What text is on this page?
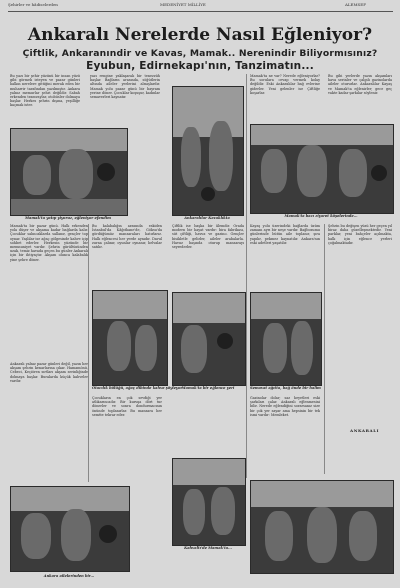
Şehirler ve hâdiselerden	MEDENİYET MİLLİYE	ALEMSEF
Ankaralı Nerelerde Nasıl Eğleniyor?
Çiftlik, Ankaranındir ve Kavas, Mamak.. Nerenindir Biliyormısınız?
Eyubun, Edirnekapı'nın, Tanzimatın...
Bu yazı bir şehir yüzünü bir insan yüzü gibi görmek isteyen ve pazar günleri halkın nerelere gittiğini merak eden bir muharrir tarafından yazılmıştır. Ankara yalnız memurlar şehri değildir. Sabah erkenden tramvaylar, otobüsler dolmaya başlar. Herkes şehrin dışına, yeşilliğe kaçmak ister.
yazı rengine yaklaşarak bir tenezzüh başlar. Bağların arasında, söğütlerin altında aileler yerlerini almışlardır. Mamak yolu pazar günü bir bayram yerine döner. Çocuklar koşuşur, kadınlar semaverleri kaynatır.
Mamak'ta ne var? Nerede eğleniyorlar? Bu sorulara cevap vermek kolay değildir. Eski Ankaralılar bağ evlerine giderler. Yeni gelenler ise Çiftliğe koşarlar.
Bu gibi yerlerde yazın akşamları hava serinler ve çalgılı gazinolarda aileler otururlar. Ankaralılar Kayaş ve Mamak'ta eğlenirler; gece geç vakte kadar şarkılar söylenir.
Mamak'ta yatıp yiyoruz, eğleniyor efendim	Ankaralılar Kavaklıkta	Mamak'ta bazı ziyaret köşelerinde...
Mamak'ta bir pazar günü. Halk erkenden yola düşer ve akşama kadar bağlarda kalır. Çocuklar salıncaklarda sallanır, gençler top oynar. Yaşlılar ise ağaç gölgesinde kahve içip sohbet ederler. Herkesin yüzünde bir memnuniyet vardır. Şehrin gürültüsünden uzak, temiz havada geçen bu günler Ankaralı için bir ihtiyaçtır. Akşam olunca kalabalık yine şehre döner.
Bu kalabalığın arasında eskiden İstanbul'da Kâğıthane'de, Göksu'da gördüğümüz manzaraları hatırlarız. Halk eğlencesi her yerde aynıdır. Davul zurna çalınır, oyunlar oynanır, helvalar satılır.
Çiftlik ise başka bir âlemdir. Orada modern bir hayat vardır: bira fabrikası, süt çiftliği, havuz ve gazino. Gençler bisikletle gelirler, aileler arabalarla. Havuz başında oturup manzarayı seyrederler.
Kayaş yolu üzerindeki bağlarda üzüm zamanı ayrı bir neşe vardır. Bağbozumu günlerinde bütün aile toplanır, şıra yapılır, pekmez kaynatılır. Ankara'nın eski adetleri yaşatılır.
Otacılık bölüğü, ağaç dibinde kahve şöyleyor Mamak'ta bir eğlence yeri	Semavat ağıtta, bağ önde bir halim
Şehrin bu değişen yüzü her geçen yıl biraz daha güzelleşmektedir. Yeni parklar, yeni bahçeler açılmakta, halk için eğlence yerleri çoğalmaktadır.
ANKARALI
Ankaralı yalnız pazar günleri değil, yazın her akşam şehrin kenarlarına çıkar. Hamamönü, Cebeci, Keçiören sırtları akşam serinliğinde dolmaya başlar. Buralarda küçük kahveler vardır.
Çocukların en çok sevdiği yer atlıkarıncadır. Bir kuruşa dört tur dönerler ve sonra dondurmacının önünde toplanırlar. Bu manzara her semtte tekrar eder.
Gazinolar dolar; saz heyetleri eski şarkıları çalar. Ankaralı eğlenmesini bilir. Nerede eğlendiğini sorarsanız size bir çok yer sayar ama hepsinin bir tek ismi vardır: Memleket.
Ankara ailelerinden bir...
Kahvaltı'de Mamak'ta...
